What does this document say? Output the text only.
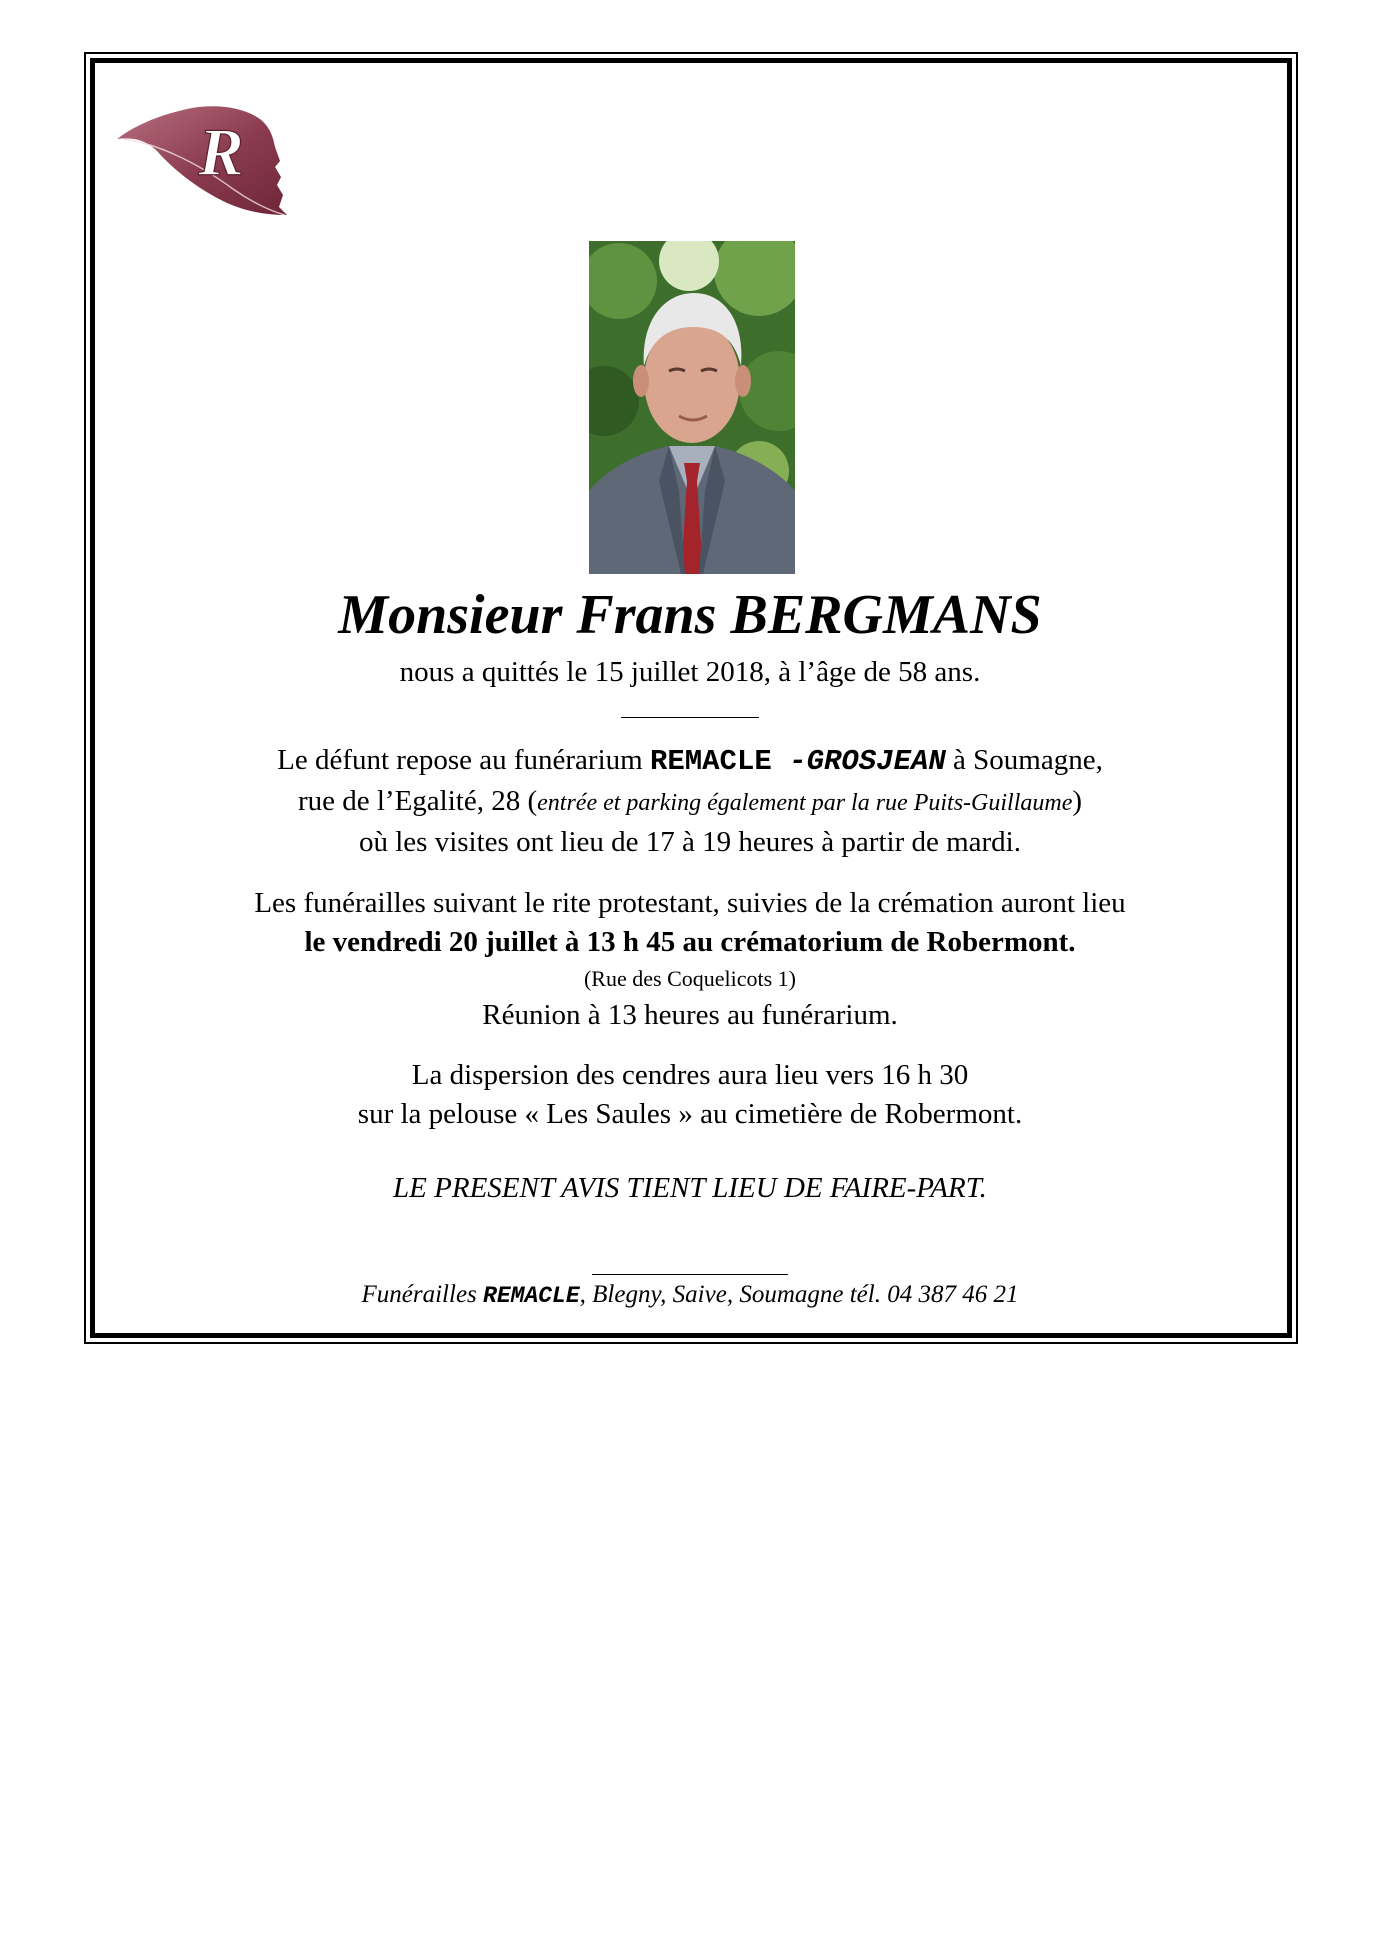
R
Monsieur Frans BERGMANS
nous a quittés le 15 juillet 2018, à l’âge de 58 ans.
Le défunt repose au funérarium REMACLE -GROSJEAN à Soumagne,
rue de l’Egalité, 28 (entrée et parking également par la rue Puits-Guillaume)
où les visites ont lieu de 17 à 19 heures à partir de mardi.
Les funérailles suivant le rite protestant, suivies de la crémation auront lieu
le vendredi 20 juillet à 13 h 45 au crématorium de Robermont.
(Rue des Coquelicots 1)
Réunion à 13 heures au funérarium.
La dispersion des cendres aura lieu vers 16 h 30
sur la pelouse « Les Saules » au cimetière de Robermont.
LE PRESENT AVIS TIENT LIEU DE FAIRE-PART.
Funérailles REMACLE, Blegny, Saive, Soumagne tél. 04 387 46 21
